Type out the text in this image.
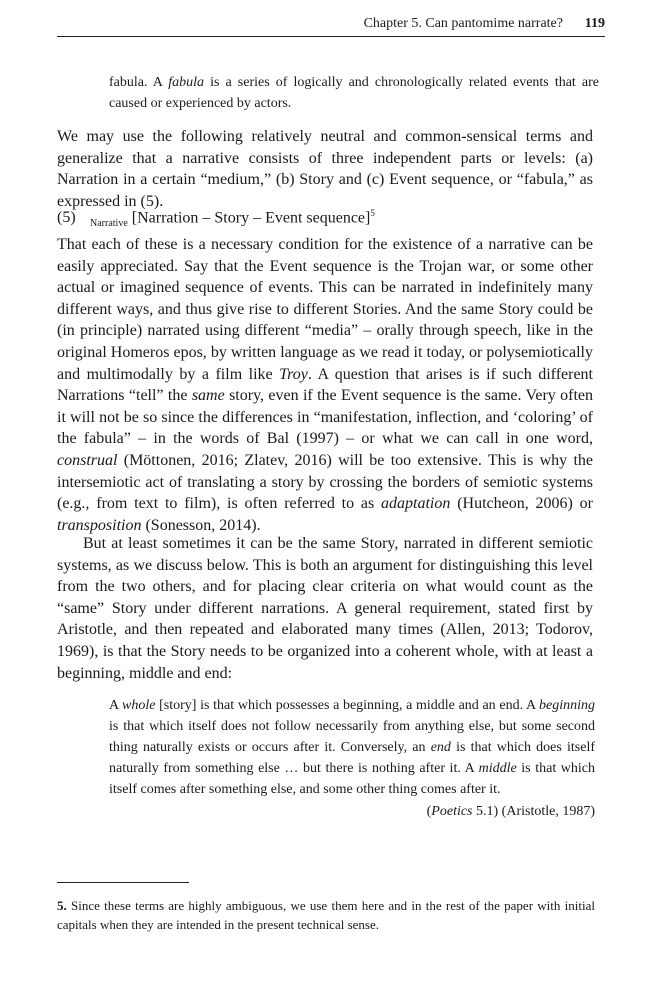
Chapter 5. Can pantomime narrate? 119
fabula. A fabula is a series of logically and chronologically related events that are caused or experienced by actors.

We may use the following relatively neutral and common-sensical terms and generalize that a narrative consists of three independent parts or levels: (a) Narration in a certain “medium,” (b) Story and (c) Event sequence, or “fabula,” as expressed in (5).

(5) $_{Narrative}$ [Narration – Story – Event sequence]$^5$

That each of these is a necessary condition for the existence of a narrative can be easily appreciated. Say that the Event sequence is the Trojan war, or some other actual or imagined sequence of events. This can be narrated in indefinitely many different ways, and thus give rise to different Stories. And the same Story could be (in principle) narrated using different “media” – orally through speech, like in the original Homeros epos, by written language as we read it today, or polysemiotically and multimodally by a film like Troy. A question that arises is if such different Narrations “tell” the same story, even if the Event sequence is the same. Very often it will not be so since the differences in “manifestation, inflection, and ‘coloring’ of the fabula” – in the words of Bal (1997) – or what we can call in one word, construal (Möttonen, 2016; Zlatev, 2016) will be too extensive. This is why the intersemiotic act of translating a story by crossing the borders of semiotic systems (e.g., from text to film), is often referred to as adaptation (Hutcheon, 2006) or transposition (Sonesson, 2014).

But at least sometimes it can be the same Story, narrated in different semiotic systems, as we discuss below. This is both an argument for distinguishing this level from the two others, and for placing clear criteria on what would count as the “same” Story under different narrations. A general requirement, stated first by Aristotle, and then repeated and elaborated many times (Allen, 2013; Todorov, 1969), is that the Story needs to be organized into a coherent whole, with at least a beginning, middle and end:

A whole [story] is that which possesses a beginning, a middle and an end. A beginning is that which itself does not follow necessarily from anything else, but some second thing naturally exists or occurs after it. Conversely, an end is that which does itself naturally from something else … but there is nothing after it. A middle is that which itself comes after something else, and some other thing comes after it.
(Poetics 5.1) (Aristotle, 1987)
5. Since these terms are highly ambiguous, we use them here and in the rest of the paper with initial capitals when they are intended in the present technical sense.
